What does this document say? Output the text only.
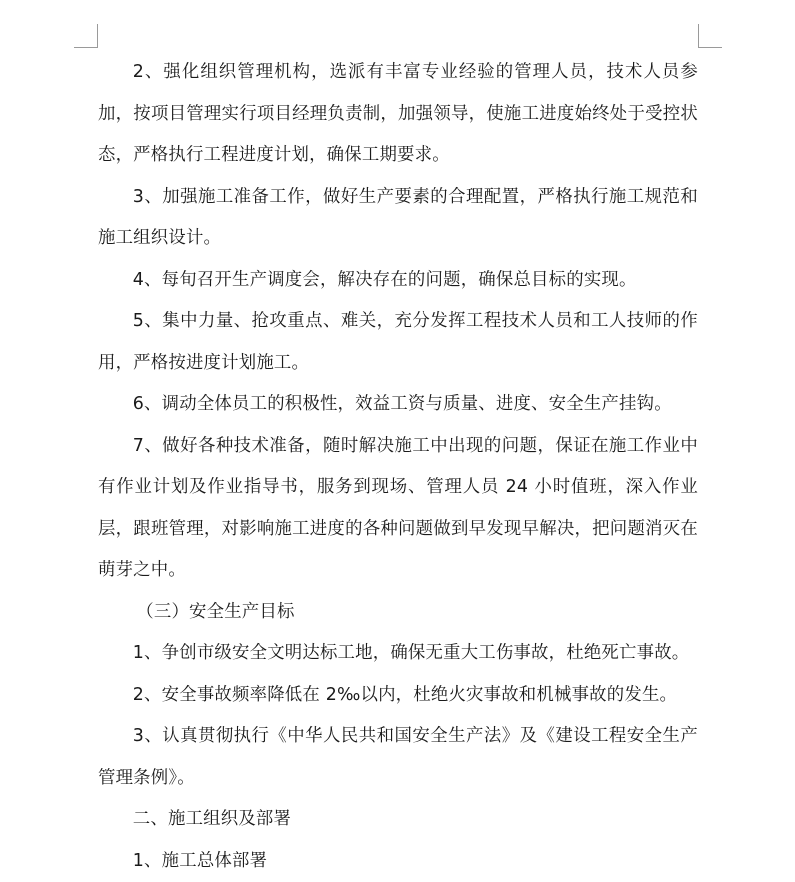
2、强化组织管理机构，选派有丰富专业经验的管理人员，技术人员参加，按项目管理实行项目经理负责制，加强领导，使施工进度始终处于受控状态，严格执行工程进度计划，确保工期要求。

3、加强施工准备工作，做好生产要素的合理配置，严格执行施工规范和施工组织设计。

4、每旬召开生产调度会，解决存在的问题，确保总目标的实现。

5、集中力量、抢攻重点、难关，充分发挥工程技术人员和工人技师的作用，严格按进度计划施工。

6、调动全体员工的积极性，效益工资与质量、进度、安全生产挂钩。

7、做好各种技术准备，随时解决施工中出现的问题，保证在施工作业中有作业计划及作业指导书，服务到现场、管理人员 24 小时值班，深入作业层，跟班管理，对影响施工进度的各种问题做到早发现早解决，把问题消灭在萌芽之中。

（三）安全生产目标

1、争创市级安全文明达标工地，确保无重大工伤事故，杜绝死亡事故。

2、安全事故频率降低在 2‰以内，杜绝火灾事故和机械事故的发生。

3、认真贯彻执行《中华人民共和国安全生产法》及《建设工程安全生产管理条例》。

二、施工组织及部署

1、施工总体部署
